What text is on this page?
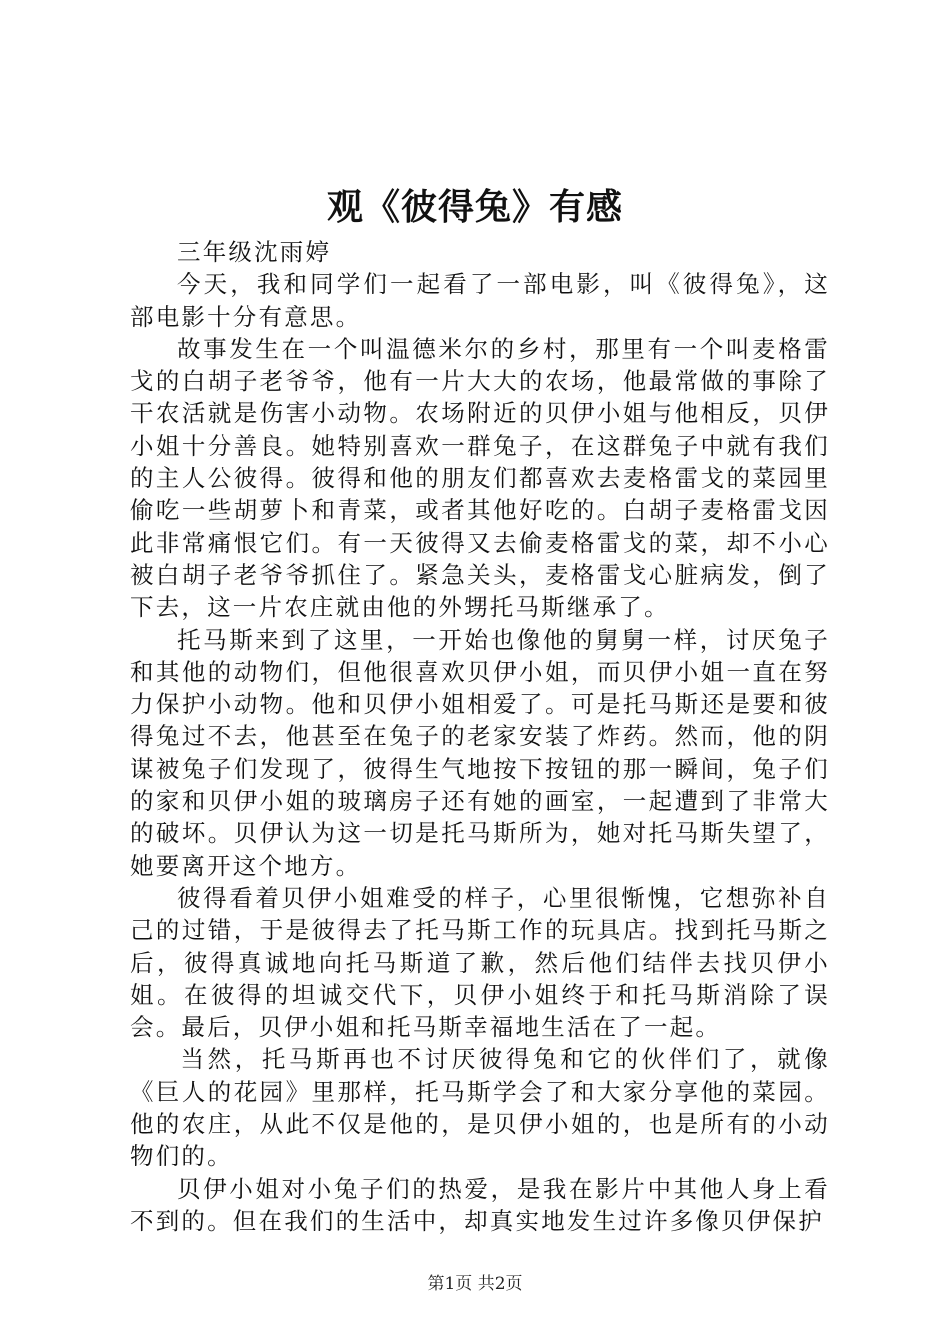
观《彼得兔》有感

三年级沈雨婷

今天，我和同学们一起看了一部电影，叫《彼得兔》，这部电影十分有意思。

故事发生在一个叫温德米尔的乡村，那里有一个叫麦格雷戈的白胡子老爷爷，他有一片大大的农场，他最常做的事除了干农活就是伤害小动物。农场附近的贝伊小姐与他相反，贝伊小姐十分善良。她特别喜欢一群兔子，在这群兔子中就有我们的主人公彼得。彼得和他的朋友们都喜欢去麦格雷戈的菜园里偷吃一些胡萝卜和青菜，或者其他好吃的。白胡子麦格雷戈因此非常痛恨它们。有一天彼得又去偷麦格雷戈的菜，却不小心被白胡子老爷爷抓住了。紧急关头，麦格雷戈心脏病发，倒了下去，这一片农庄就由他的外甥托马斯继承了。

托马斯来到了这里，一开始也像他的舅舅一样，讨厌兔子和其他的动物们，但他很喜欢贝伊小姐，而贝伊小姐一直在努力保护小动物。他和贝伊小姐相爱了。可是托马斯还是要和彼得兔过不去，他甚至在兔子的老家安装了炸药。然而，他的阴谋被兔子们发现了，彼得生气地按下按钮的那一瞬间，兔子们的家和贝伊小姐的玻璃房子还有她的画室，一起遭到了非常大的破坏。贝伊认为这一切是托马斯所为，她对托马斯失望了，她要离开这个地方。

彼得看着贝伊小姐难受的样子，心里很惭愧，它想弥补自己的过错，于是彼得去了托马斯工作的玩具店。找到托马斯之后，彼得真诚地向托马斯道了歉，然后他们结伴去找贝伊小姐。在彼得的坦诚交代下，贝伊小姐终于和托马斯消除了误会。最后，贝伊小姐和托马斯幸福地生活在了一起。

当然，托马斯再也不讨厌彼得兔和它的伙伴们了，就像《巨人的花园》里那样，托马斯学会了和大家分享他的菜园。他的农庄，从此不仅是他的，是贝伊小姐的，也是所有的小动物们的。

贝伊小姐对小兔子们的热爱，是我在影片中其他人身上看不到的。但在我们的生活中，却真实地发生过许多像贝伊保护

第1页 共2页
